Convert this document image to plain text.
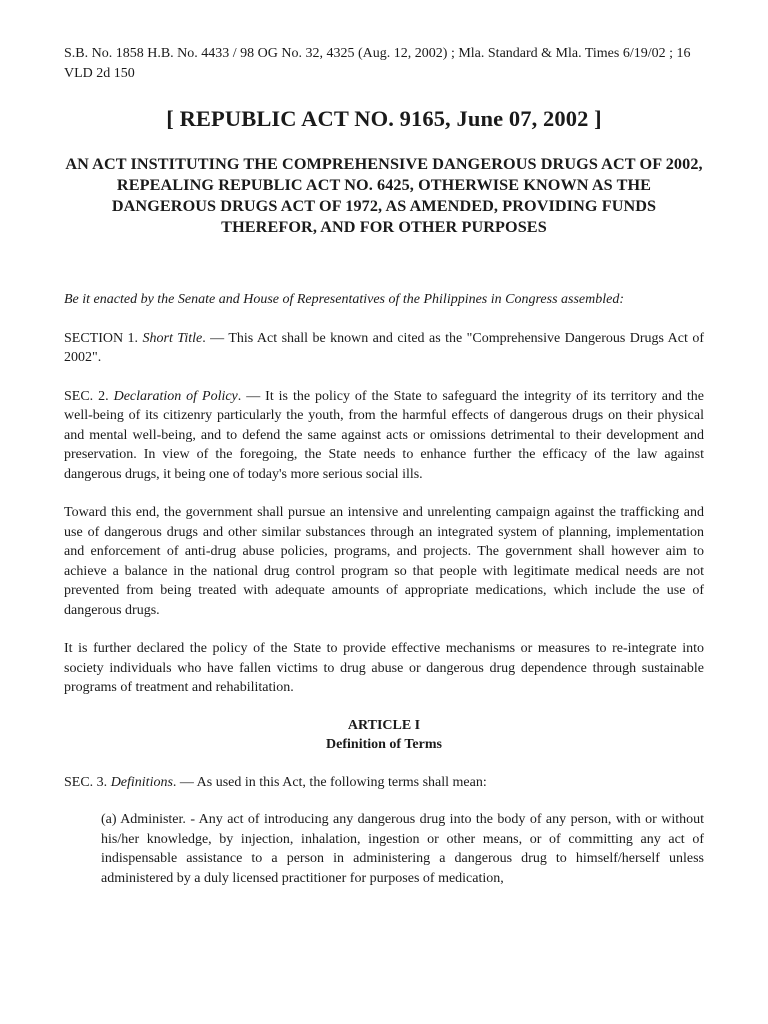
S.B. No. 1858 H.B. No. 4433 / 98 OG No. 32, 4325 (Aug. 12, 2002) ; Mla. Standard & Mla. Times 6/19/02 ; 16 VLD 2d 150

[ REPUBLIC ACT NO. 9165, June 07, 2002 ]
AN ACT INSTITUTING THE COMPREHENSIVE DANGEROUS DRUGS ACT OF 2002, REPEALING REPUBLIC ACT NO. 6425, OTHERWISE KNOWN AS THE DANGEROUS DRUGS ACT OF 1972, AS AMENDED, PROVIDING FUNDS THEREFOR, AND FOR OTHER PURPOSES

Be it enacted by the Senate and House of Representatives of the Philippines in Congress assembled:

SECTION 1. Short Title. — This Act shall be known and cited as the "Comprehensive Dangerous Drugs Act of 2002".

SEC. 2. Declaration of Policy. — It is the policy of the State to safeguard the integrity of its territory and the well-being of its citizenry particularly the youth, from the harmful effects of dangerous drugs on their physical and mental well-being, and to defend the same against acts or omissions detrimental to their development and preservation. In view of the foregoing, the State needs to enhance further the efficacy of the law against dangerous drugs, it being one of today's more serious social ills.

Toward this end, the government shall pursue an intensive and unrelenting campaign against the trafficking and use of dangerous drugs and other similar substances through an integrated system of planning, implementation and enforcement of anti-drug abuse policies, programs, and projects. The government shall however aim to achieve a balance in the national drug control program so that people with legitimate medical needs are not prevented from being treated with adequate amounts of appropriate medications, which include the use of dangerous drugs.

It is further declared the policy of the State to provide effective mechanisms or measures to re-integrate into society individuals who have fallen victims to drug abuse or dangerous drug dependence through sustainable programs of treatment and rehabilitation.

ARTICLE I
Definition of Terms

SEC. 3. Definitions. — As used in this Act, the following terms shall mean:

(a) Administer. - Any act of introducing any dangerous drug into the body of any person, with or without his/her knowledge, by injection, inhalation, ingestion or other means, or of committing any act of indispensable assistance to a person in administering a dangerous drug to himself/herself unless administered by a duly licensed practitioner for purposes of medication,
